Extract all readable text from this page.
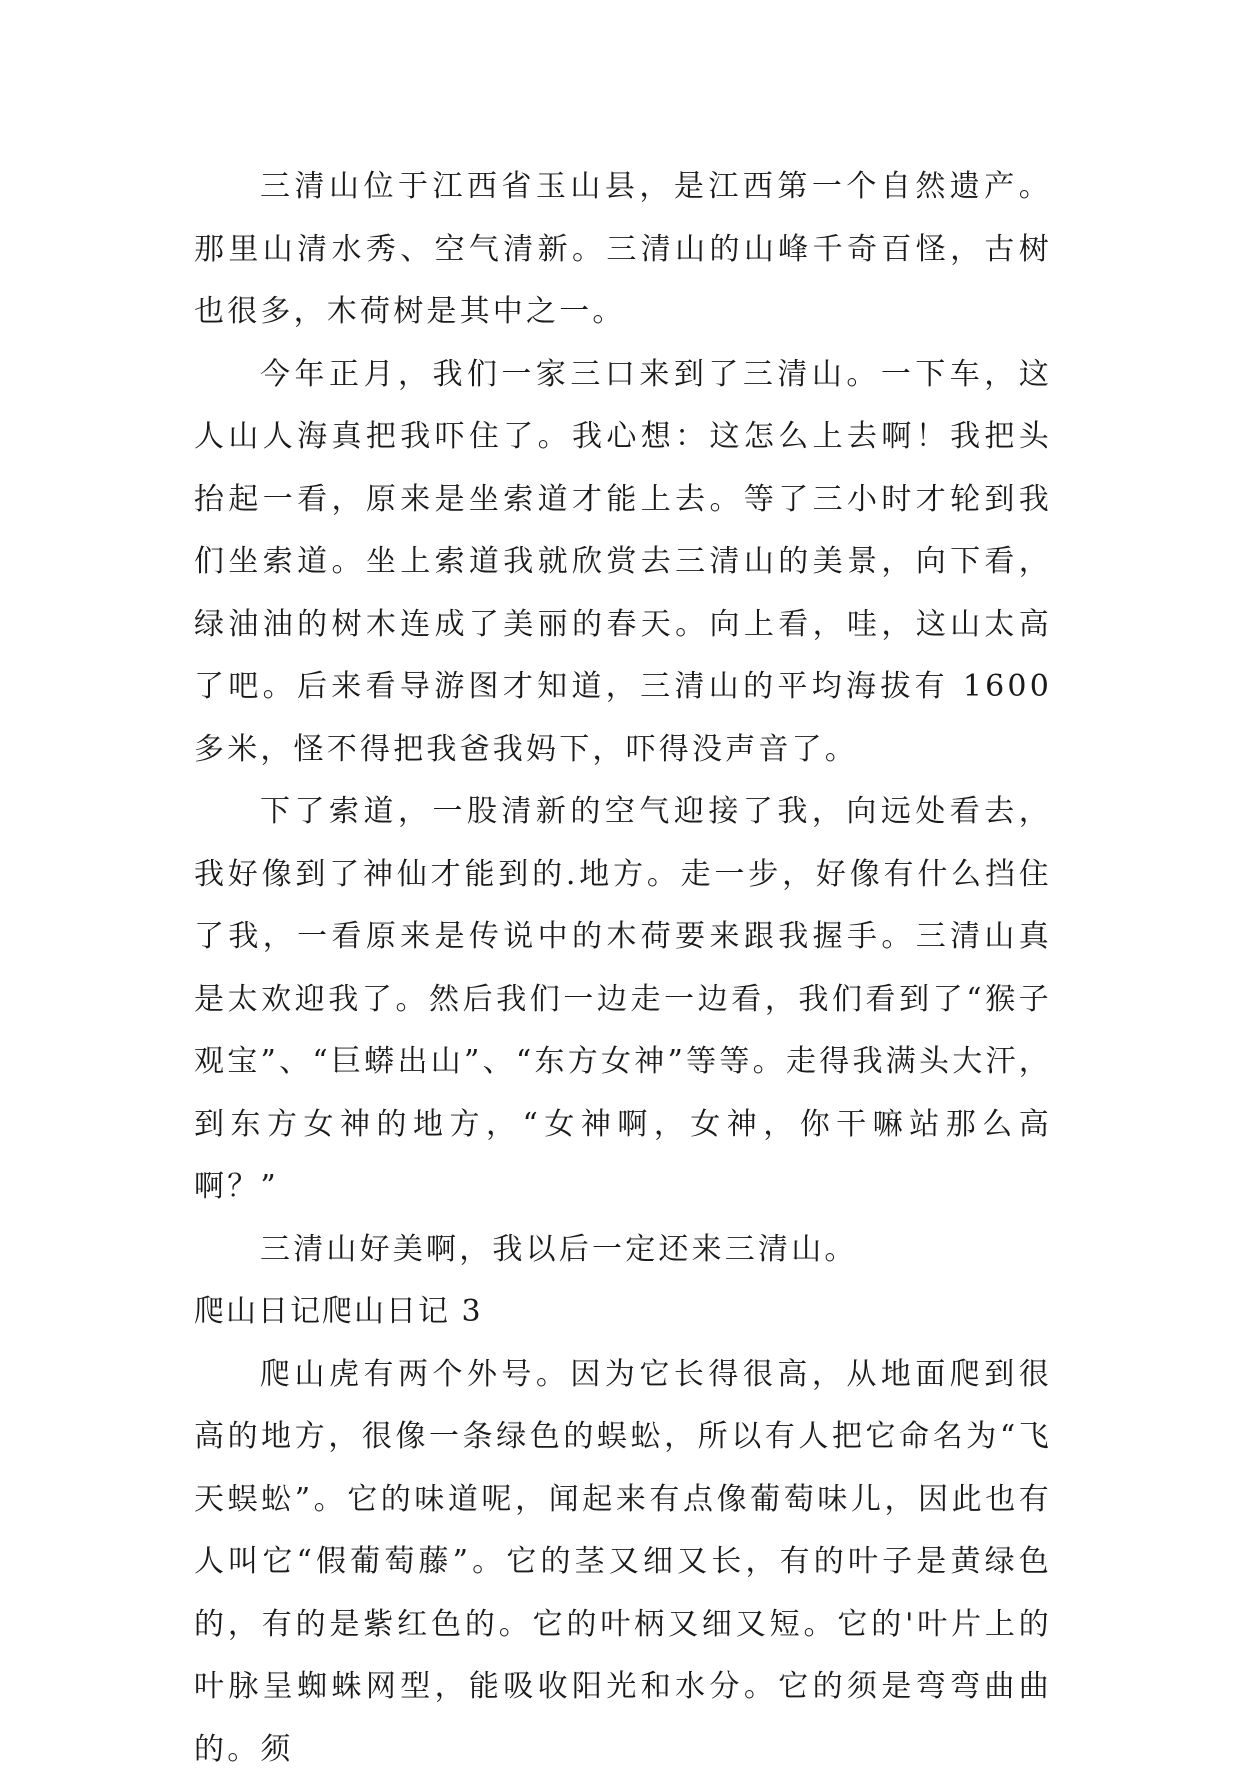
三清山位于江西省玉山县，是江西第一个自然遗产。那里山清水秀、空气清新。三清山的山峰千奇百怪，古树也很多，木荷树是其中之一。

今年正月，我们一家三口来到了三清山。一下车，这人山人海真把我吓住了。我心想：这怎么上去啊！我把头抬起一看，原来是坐索道才能上去。等了三小时才轮到我们坐索道。坐上索道我就欣赏去三清山的美景，向下看，绿油油的树木连成了美丽的春天。向上看，哇，这山太高了吧。后来看导游图才知道，三清山的平均海拔有 1600 多米，怪不得把我爸我妈下，吓得没声音了。

下了索道，一股清新的空气迎接了我，向远处看去，我好像到了神仙才能到的.地方。走一步，好像有什么挡住了我，一看原来是传说中的木荷要来跟我握手。三清山真是太欢迎我了。然后我们一边走一边看，我们看到了“猴子观宝”、“巨蟒出山”、“东方女神”等等。走得我满头大汗，到东方女神的地方，“女神啊，女神，你干嘛站那么高啊？”

三清山好美啊，我以后一定还来三清山。

爬山日记爬山日记 3

爬山虎有两个外号。因为它长得很高，从地面爬到很高的地方，很像一条绿色的蜈蚣，所以有人把它命名为“飞天蜈蚣”。它的味道呢，闻起来有点像葡萄味儿，因此也有人叫它“假葡萄藤”。它的茎又细又长，有的叶子是黄绿色的，有的是紫红色的。它的叶柄又细又短。它的'叶片上的叶脉呈蜘蛛网型，能吸收阳光和水分。它的须是弯弯曲曲的。须
